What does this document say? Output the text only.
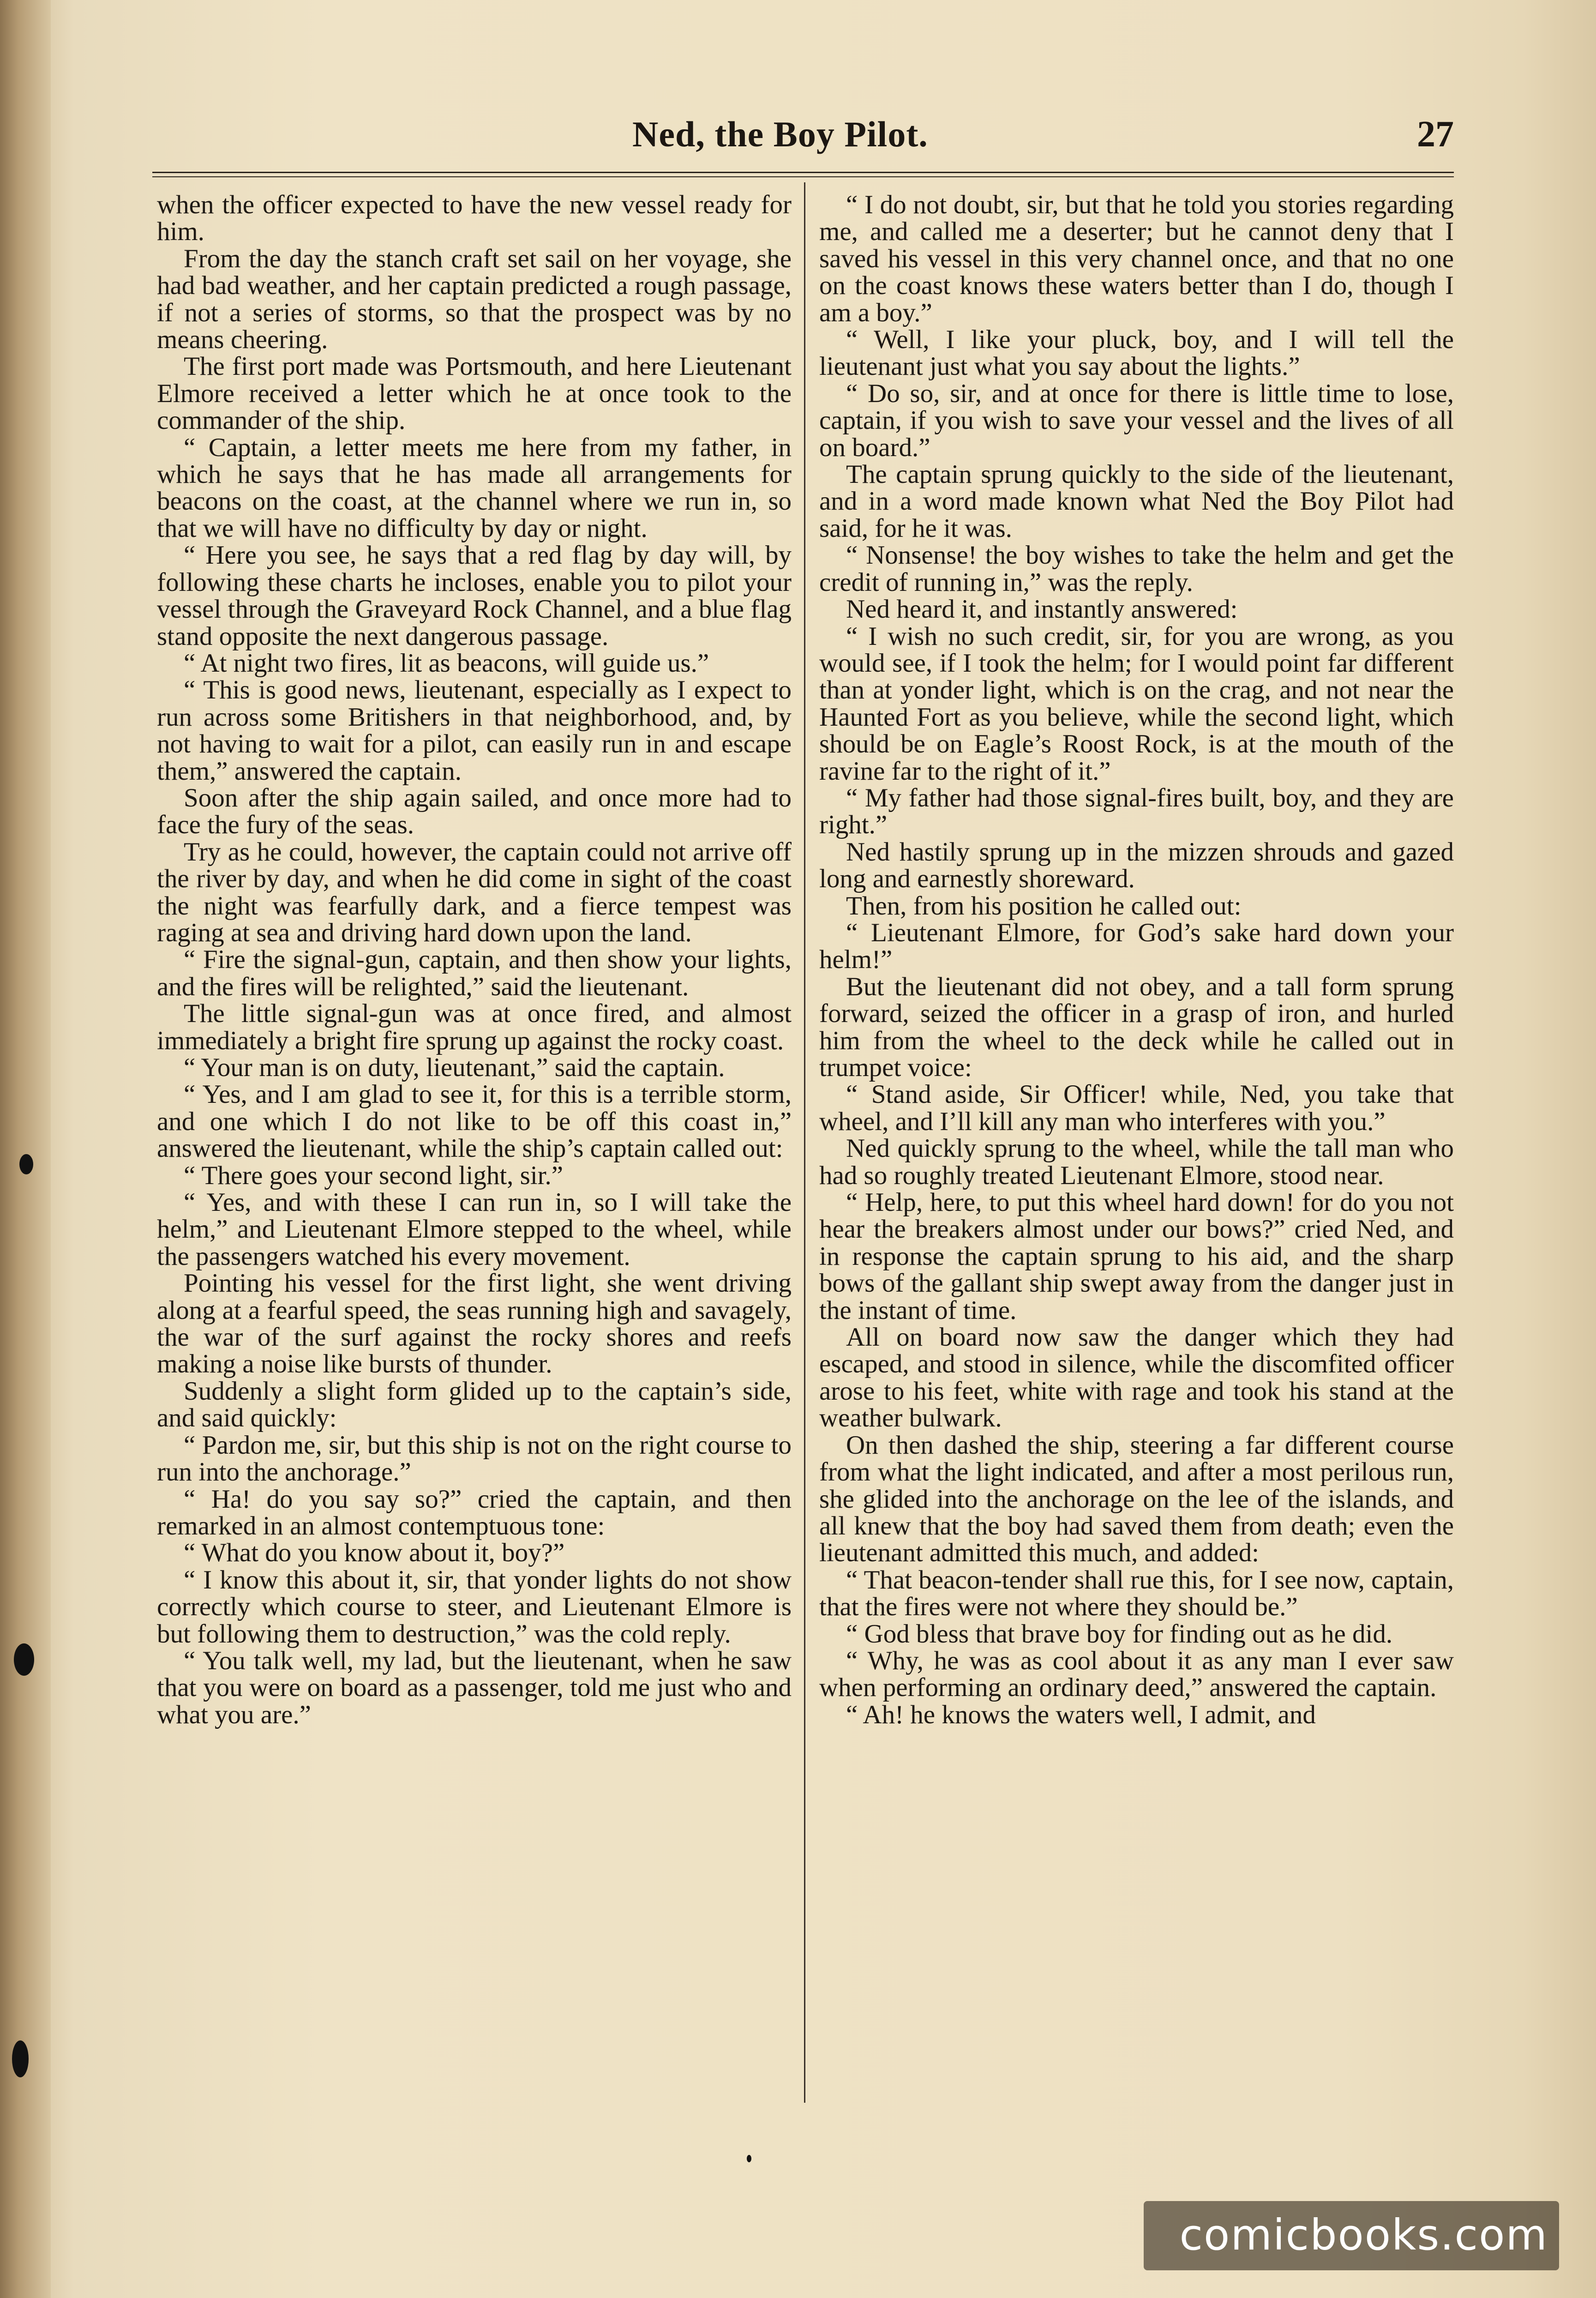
Ned, the Boy Pilot.	27

when the officer expected to have the new vessel ready for him.

From the day the stanch craft set sail on her voyage, she had bad weather, and her captain predicted a rough passage, if not a series of storms, so that the prospect was by no means cheering.

The first port made was Portsmouth, and here Lieutenant Elmore received a letter which he at once took to the commander of the ship.

“ Captain, a letter meets me here from my father, in which he says that he has made all arrangements for beacons on the coast, at the channel where we run in, so that we will have no difficulty by day or night.

“ Here you see, he says that a red flag by day will, by following these charts he incloses, enable you to pilot your vessel through the Graveyard Rock Channel, and a blue flag stand opposite the next dangerous passage.

“ At night two fires, lit as beacons, will guide us.”

“ This is good news, lieutenant, especially as I expect to run across some Britishers in that neighborhood, and, by not having to wait for a pilot, can easily run in and escape them,” answered the captain.

Soon after the ship again sailed, and once more had to face the fury of the seas.

Try as he could, however, the captain could not arrive off the river by day, and when he did come in sight of the coast the night was fearfully dark, and a fierce tempest was raging at sea and driving hard down upon the land.

“ Fire the signal-gun, captain, and then show your lights, and the fires will be relighted,” said the lieutenant.

The little signal-gun was at once fired, and almost immediately a bright fire sprung up against the rocky coast.

“ Your man is on duty, lieutenant,” said the captain.

“ Yes, and I am glad to see it, for this is a terrible storm, and one which I do not like to be off this coast in,” answered the lieutenant, while the ship’s captain called out:

“ There goes your second light, sir.”

“ Yes, and with these I can run in, so I will take the helm,” and Lieutenant Elmore stepped to the wheel, while the passengers watched his every movement.

Pointing his vessel for the first light, she went driving along at a fearful speed, the seas running high and savagely, the war of the surf against the rocky shores and reefs making a noise like bursts of thunder.

Suddenly a slight form glided up to the captain’s side, and said quickly:

“ Pardon me, sir, but this ship is not on the right course to run into the anchorage.”

“ Ha! do you say so?” cried the captain, and then remarked in an almost contemptuous tone:

“ What do you know about it, boy?”

“ I know this about it, sir, that yonder lights do not show correctly which course to steer, and Lieutenant Elmore is but following them to destruction,” was the cold reply.

“ You talk well, my lad, but the lieutenant, when he saw that you were on board as a passenger, told me just who and what you are.”

“ I do not doubt, sir, but that he told you stories regarding me, and called me a deserter; but he cannot deny that I saved his vessel in this very channel once, and that no one on the coast knows these waters better than I do, though I am a boy.”

“ Well, I like your pluck, boy, and I will tell the lieutenant just what you say about the lights.”

“ Do so, sir, and at once for there is little time to lose, captain, if you wish to save your vessel and the lives of all on board.”

The captain sprung quickly to the side of the lieutenant, and in a word made known what Ned the Boy Pilot had said, for he it was.

“ Nonsense! the boy wishes to take the helm and get the credit of running in,” was the reply.

Ned heard it, and instantly answered:

“ I wish no such credit, sir, for you are wrong, as you would see, if I took the helm; for I would point far different than at yonder light, which is on the crag, and not near the Haunted Fort as you believe, while the second light, which should be on Eagle’s Roost Rock, is at the mouth of the ravine far to the right of it.”

“ My father had those signal-fires built, boy, and they are right.”

Ned hastily sprung up in the mizzen shrouds and gazed long and earnestly shoreward.

Then, from his position he called out:

“ Lieutenant Elmore, for God’s sake hard down your helm!”

But the lieutenant did not obey, and a tall form sprung forward, seized the officer in a grasp of iron, and hurled him from the wheel to the deck while he called out in trumpet voice:

“ Stand aside, Sir Officer! while, Ned, you take that wheel, and I’ll kill any man who interferes with you.”

Ned quickly sprung to the wheel, while the tall man who had so roughly treated Lieutenant Elmore, stood near.

“ Help, here, to put this wheel hard down! for do you not hear the breakers almost under our bows?” cried Ned, and in response the captain sprung to his aid, and the sharp bows of the gallant ship swept away from the danger just in the instant of time.

All on board now saw the danger which they had escaped, and stood in silence, while the discomfited officer arose to his feet, white with rage and took his stand at the weather bulwark.

On then dashed the ship, steering a far different course from what the light indicated, and after a most perilous run, she glided into the anchorage on the lee of the islands, and all knew that the boy had saved them from death; even the lieutenant admitted this much, and added:

“ That beacon-tender shall rue this, for I see now, captain, that the fires were not where they should be.”

“ God bless that brave boy for finding out as he did.

“ Why, he was as cool about it as any man I ever saw when performing an ordinary deed,” answered the captain.

“ Ah! he knows the waters well, I admit, and

comicbooks.com
